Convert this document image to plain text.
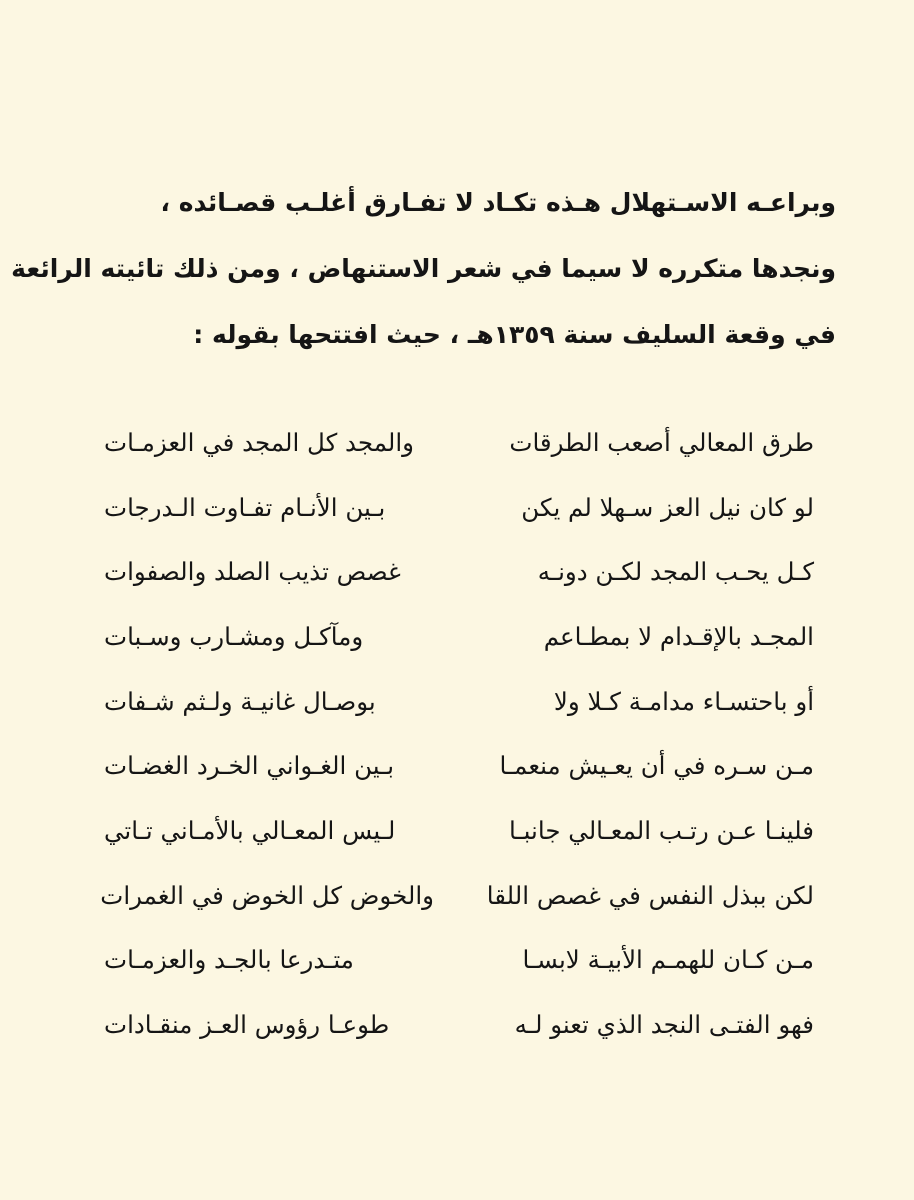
وبراعـه الاسـتهلال هـذه تكـاد لا تفـارق أغلـب قصـائده ،
ونجدها متكرره لا سيما في شعر الاستنهاض ، ومن ذلك تائيته الرائعة
في وقعة السليف سنة ١٣٥٩هـ ، حيث افتتحها بقوله :
طرق المعالي أصعب الطرقات
والمجد كل المجد في العزمـات
لو كان نيل العز سـهلا لم يكن
بـين الأنـام تفـاوت الـدرجات
كـل يحـب المجد لكـن دونـه
غصص تذيب الصلد والصفوات
المجـد بالإقـدام لا بمطـاعم
ومآكـل ومشـارب وسـبات
أو باحتسـاء مدامـة كـلا ولا
بوصـال غانيـة ولـثم شـفات
مـن سـره في أن يعـيش منعمـا
بـين الغـواني الخـرد الغضـات
فلينـا عـن رتـب المعـالي جانبـا
لـيس المعـالي بالأمـاني تـاتي
لكن ببذل النفس في غصص اللقا
والخوض كل الخوض في الغمرات
مـن كـان للهمـم الأبيـة لابسـا
متـدرعا بالجـد والعزمـات
فهو الفتـى النجد الذي تعنو لـه
طوعـا رؤوس العـز منقـادات
